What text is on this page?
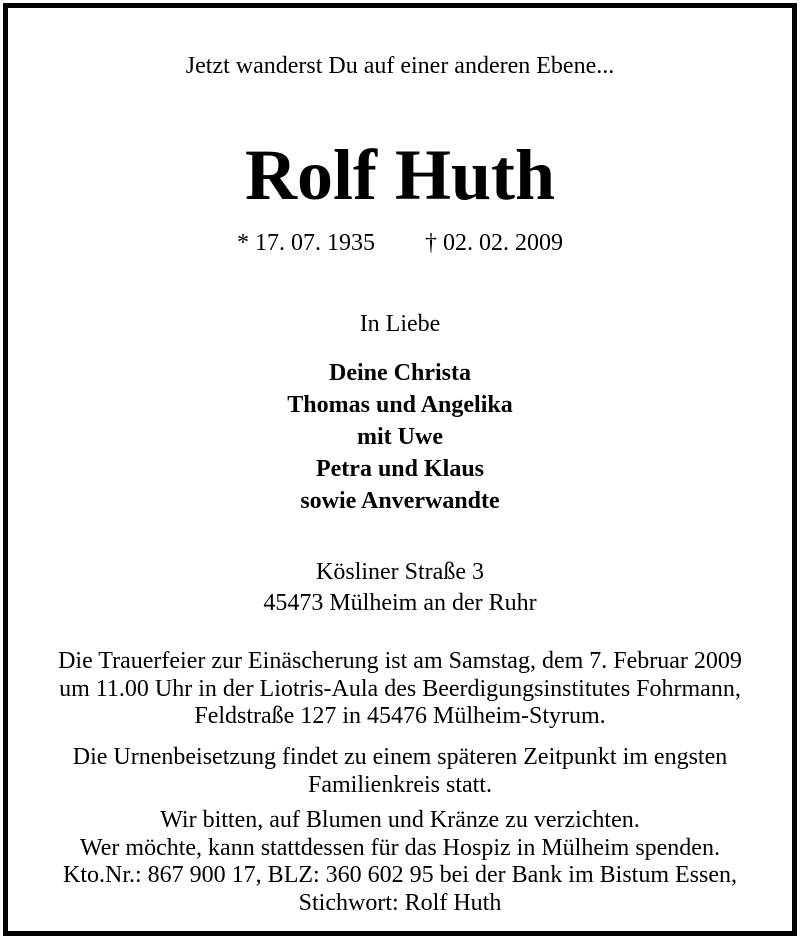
Jetzt wanderst Du auf einer anderen Ebene...
Rolf Huth
* 17. 07. 1935 † 02. 02. 2009
In Liebe
Deine Christa
Thomas und Angelika
mit Uwe
Petra und Klaus
sowie Anverwandte
Kösliner Straße 3
45473 Mülheim an der Ruhr
Die Trauerfeier zur Einäscherung ist am Samstag, dem 7. Februar 2009
um 11.00 Uhr in der Liotris-Aula des Beerdigungsinstitutes Fohrmann,
Feldstraße 127 in 45476 Mülheim-Styrum.
Die Urnenbeisetzung findet zu einem späteren Zeitpunkt im engsten
Familienkreis statt.
Wir bitten, auf Blumen und Kränze zu verzichten.
Wer möchte, kann stattdessen für das Hospiz in Mülheim spenden.
Kto.Nr.: 867 900 17, BLZ: 360 602 95 bei der Bank im Bistum Essen,
Stichwort: Rolf Huth
